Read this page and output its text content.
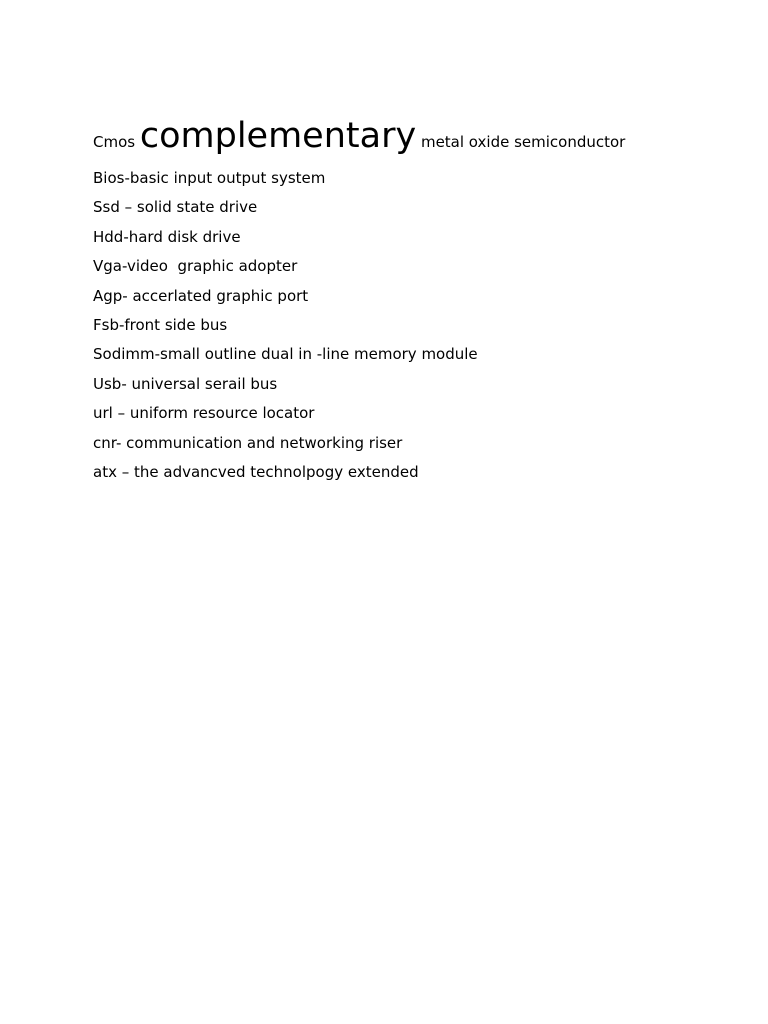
Cmos complementary metal oxide semiconductor

Bios-basic input output system

Ssd – solid state drive

Hdd-hard disk drive

Vga-video  graphic adopter

Agp- accerlated graphic port

Fsb-front side bus

Sodimm-small outline dual in -line memory module

Usb- universal serail bus

url – uniform resource locator

cnr- communication and networking riser

atx – the advancved technolpogy extended
